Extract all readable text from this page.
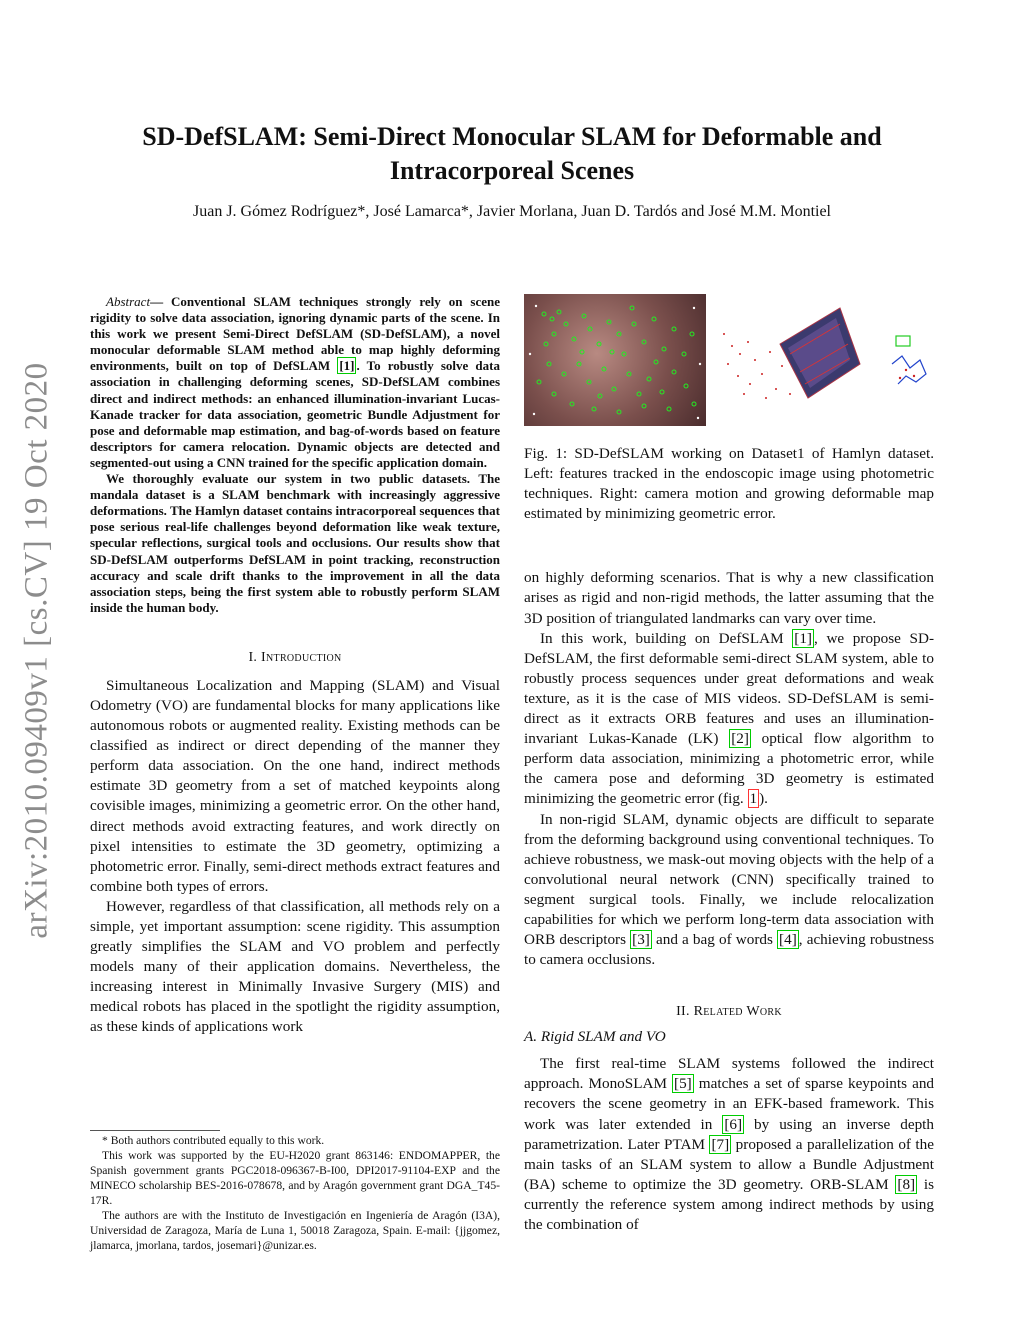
arXiv:2010.09409v1 [cs.CV] 19 Oct 2020
SD-DefSLAM: Semi-Direct Monocular SLAM for Deformable and Intracorporeal Scenes
Juan J. Gómez Rodríguez*, José Lamarca*, Javier Morlana, Juan D. Tardós and José M.M. Montiel

Abstract— Conventional SLAM techniques strongly rely on scene rigidity to solve data association, ignoring dynamic parts of the scene. In this work we present Semi-Direct DefSLAM (SD-DefSLAM), a novel monocular deformable SLAM method able to map highly deforming environments, built on top of DefSLAM [1] . To robustly solve data association in challenging deforming scenes, SD-DefSLAM combines direct and indirect methods: an enhanced illumination-invariant Lucas-Kanade tracker for data association, geometric Bundle Adjustment for pose and deformable map estimation, and bag-of-words based on feature descriptors for camera relocation. Dynamic objects are detected and segmented-out using a CNN trained for the specific application domain.

We thoroughly evaluate our system in two public datasets. The mandala dataset is a SLAM benchmark with increasingly aggressive deformations. The Hamlyn dataset contains intracorporeal sequences that pose serious real-life challenges beyond deformation like weak texture, specular reflections, surgical tools and occlusions. Our results show that SD-DefSLAM outperforms DefSLAM in point tracking, reconstruction accuracy and scale drift thanks to the improvement in all the data association steps, being the first system able to robustly perform SLAM inside the human body.

I. Introduction

Simultaneous Localization and Mapping (SLAM) and Visual Odometry (VO) are fundamental blocks for many applications like autonomous robots or augmented reality. Existing methods can be classified as indirect or direct depending of the manner they perform data association. On the one hand, indirect methods estimate 3D geometry from a set of matched keypoints along covisible images, minimizing a geometric error. On the other hand, direct methods avoid extracting features, and work directly on pixel intensities to estimate the 3D geometry, optimizing a photometric error. Finally, semi-direct methods extract features and combine both types of errors.

However, regardless of that classification, all methods rely on a simple, yet important assumption: scene rigidity. This assumption greatly simplifies the SLAM and VO problem and perfectly models many of their application domains. Nevertheless, the increasing interest in Minimally Invasive Surgery (MIS) and medical robots has placed in the spotlight the rigidity assumption, as these kinds of applications work

* Both authors contributed equally to this work.

This work was supported by the EU-H2020 grant 863146: ENDOMAPPER, the Spanish government grants PGC2018-096367-B-I00, DPI2017-91104-EXP and the MINECO scholarship BES-2016-078678, and by Aragón government grant DGA_T45-17R.

The authors are with the Instituto de Investigación en Ingeniería de Aragón (I3A), Universidad de Zaragoza, María de Luna 1, 50018 Zaragoza, Spain. E-mail: {jjgomez, jlamarca, jmorlana, tardos, josemari}@unizar.es.

Fig. 1: SD-DefSLAM working on Dataset1 of Hamlyn dataset. Left: features tracked in the endoscopic image using photometric techniques. Right: camera motion and growing deformable map estimated by minimizing geometric error.

on highly deforming scenarios. That is why a new classification arises as rigid and non-rigid methods, the latter assuming that the 3D position of triangulated landmarks can vary over time.

In this work, building on DefSLAM [1] , we propose SD-DefSLAM, the first deformable semi-direct SLAM system, able to robustly process sequences under great deformations and weak texture, as it is the case of MIS videos. SD-DefSLAM is semi-direct as it extracts ORB features and uses an illumination-invariant Lukas-Kanade (LK) [2] optical flow algorithm to perform data association, minimizing a photometric error, while the camera pose and deforming 3D geometry is estimated minimizing the geometric error (fig. 1 ).

In non-rigid SLAM, dynamic objects are difficult to separate from the deforming background using conventional techniques. To achieve robustness, we mask-out moving objects with the help of a convolutional neural network (CNN) specifically trained to segment surgical tools. Finally, we include relocalization capabilities for which we perform long-term data association with ORB descriptors [3] and a bag of words [4] , achieving robustness to camera occlusions.

II. Related Work
A. Rigid SLAM and VO

The first real-time SLAM systems followed the indirect approach. MonoSLAM [5] matches a set of sparse keypoints and recovers the scene geometry in an EFK-based framework. This work was later extended in [6] by using an inverse depth parametrization. Later PTAM [7] proposed a parallelization of the main tasks of an SLAM system to allow a Bundle Adjustment (BA) scheme to optimize the 3D geometry. ORB-SLAM [8] is currently the reference system among indirect methods by using the combination of
